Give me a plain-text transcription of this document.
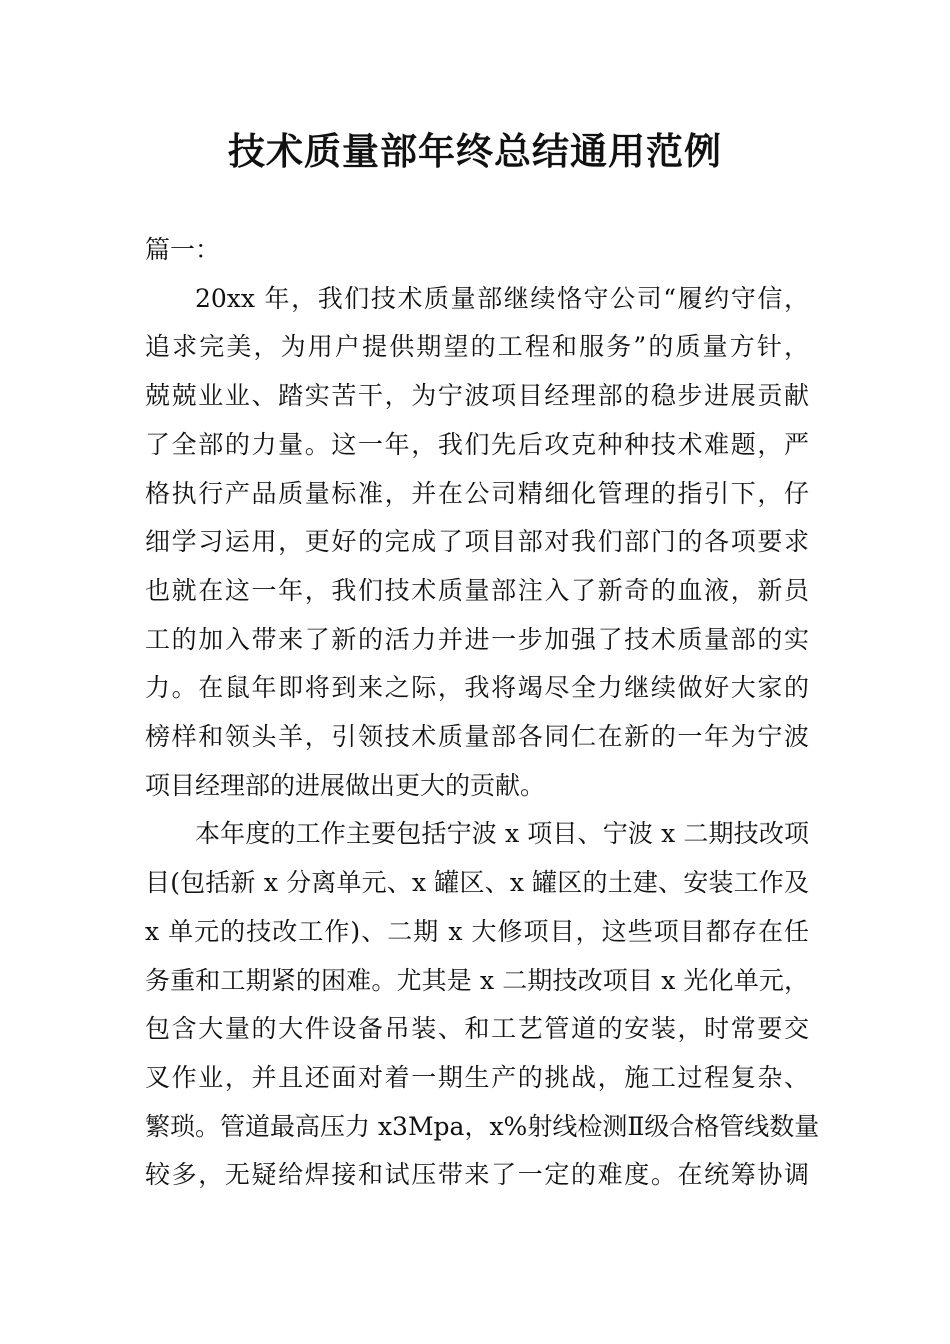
技术质量部年终总结通用范例

篇一：

20xx 年，我们技术质量部继续恪守公司“履约守信，
追求完美，为用户提供期望的工程和服务”的质量方针，
兢兢业业、踏实苦干，为宁波项目经理部的稳步进展贡献
了全部的力量。这一年，我们先后攻克种种技术难题，严
格执行产品质量标准，并在公司精细化管理的指引下，仔
细学习运用，更好的完成了项目部对我们部门的各项要求
也就在这一年，我们技术质量部注入了新奇的血液，新员
工的加入带来了新的活力并进一步加强了技术质量部的实
力。在鼠年即将到来之际，我将竭尽全力继续做好大家的
榜样和领头羊，引领技术质量部各同仁在新的一年为宁波
项目经理部的进展做出更大的贡献。

本年度的工作主要包括宁波 x 项目、宁波 x 二期技改项
目(包括新 x 分离单元、x 罐区、x 罐区的土建、安装工作及
x 单元的技改工作)、二期 x 大修项目，这些项目都存在任
务重和工期紧的困难。尤其是 x 二期技改项目 x 光化单元，
包含大量的大件设备吊装、和工艺管道的安装，时常要交
叉作业，并且还面对着一期生产的挑战，施工过程复杂、
繁琐。管道最高压力 x3Mpa，x%射线检测Ⅱ级合格管线数量
较多，无疑给焊接和试压带来了一定的难度。在统筹协调
